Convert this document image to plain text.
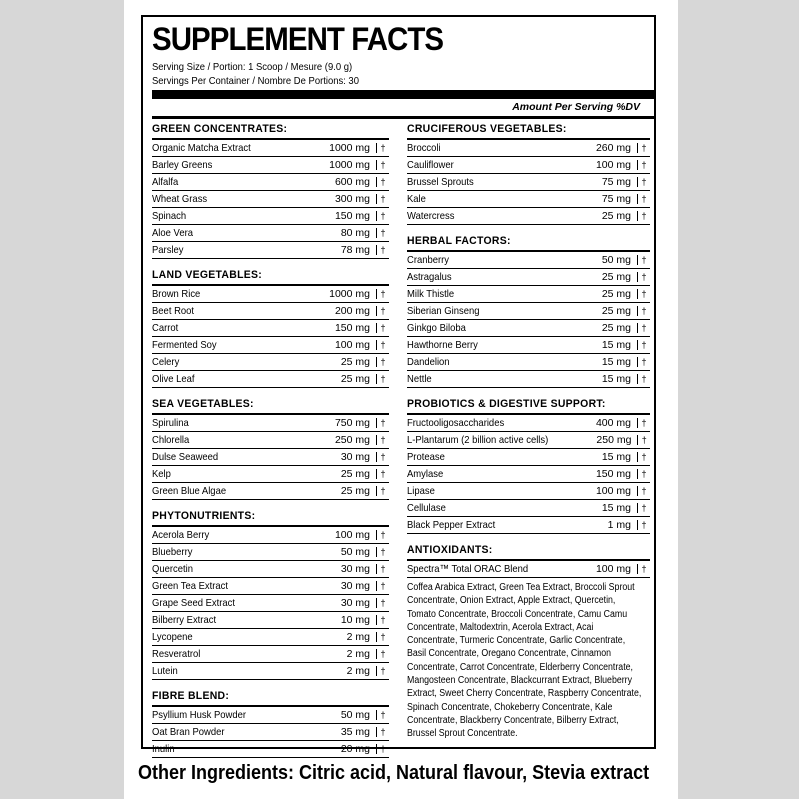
SUPPLEMENT FACTS
Serving Size / Portion: 1 Scoop / Mesure (9.0 g)
Servings Per Container / Nombre De Portions: 30
Amount Per Serving %DV
GREEN CONCENTRATES:
Organic Matcha Extract	1000 mg	†
Barley Greens	1000 mg	†
Alfalfa	600 mg	†
Wheat Grass	300 mg	†
Spinach	150 mg	†
Aloe Vera	80 mg	†
Parsley	78 mg	†
LAND VEGETABLES:
Brown Rice	1000 mg	†
Beet Root	200 mg	†
Carrot	150 mg	†
Fermented Soy	100 mg	†
Celery	25 mg	†
Olive Leaf	25 mg	†
SEA VEGETABLES:
Spirulina	750 mg	†
Chlorella	250 mg	†
Dulse Seaweed	30 mg	†
Kelp	25 mg	†
Green Blue Algae	25 mg	†
PHYTONUTRIENTS:
Acerola Berry	100 mg	†
Blueberry	50 mg	†
Quercetin	30 mg	†
Green Tea Extract	30 mg	†
Grape Seed Extract	30 mg	†
Bilberry Extract	10 mg	†
Lycopene	2 mg	†
Resveratrol	2 mg	†
Lutein	2 mg	†
FIBRE BLEND:
Psyllium Husk Powder	50 mg	†
Oat Bran Powder	35 mg	†
Inulin	20 mg	†
CRUCIFEROUS VEGETABLES:
Broccoli	260 mg	†
Cauliflower	100 mg	†
Brussel Sprouts	75 mg	†
Kale	75 mg	†
Watercress	25 mg	†
HERBAL FACTORS:
Cranberry	50 mg	†
Astragalus	25 mg	†
Milk Thistle	25 mg	†
Siberian Ginseng	25 mg	†
Ginkgo Biloba	25 mg	†
Hawthorne Berry	15 mg	†
Dandelion	15 mg	†
Nettle	15 mg	†
PROBIOTICS & DIGESTIVE SUPPORT:
Fructooligosaccharides	400 mg	†
L-Plantarum (2 billion active cells)	250 mg	†
Protease	15 mg	†
Amylase	150 mg	†
Lipase	100 mg	†
Cellulase	15 mg	†
Black Pepper Extract	1 mg	†
ANTIOXIDANTS:
Spectra™ Total ORAC Blend	100 mg	†
Coffea Arabica Extract, Green Tea Extract, Broccoli Sprout Concentrate, Onion Extract, Apple Extract, Quercetin, Tomato Concentrate, Broccoli Concentrate, Camu Camu Concentrate, Maltodextrin, Acerola Extract, Acai Concentrate, Turmeric Concentrate, Garlic Concentrate, Basil Concentrate, Oregano Concentrate, Cinnamon Concentrate, Carrot Concentrate, Elderberry Concentrate, Mangosteen Concentrate, Blackcurrant Extract, Blueberry Extract, Sweet Cherry Concentrate, Raspberry Concentrate, Spinach Concentrate, Chokeberry Concentrate, Kale Concentrate, Blackberry Concentrate, Bilberry Extract, Brussel Sprout Concentrate.
Other Ingredients: Citric acid, Natural flavour, Stevia extract
